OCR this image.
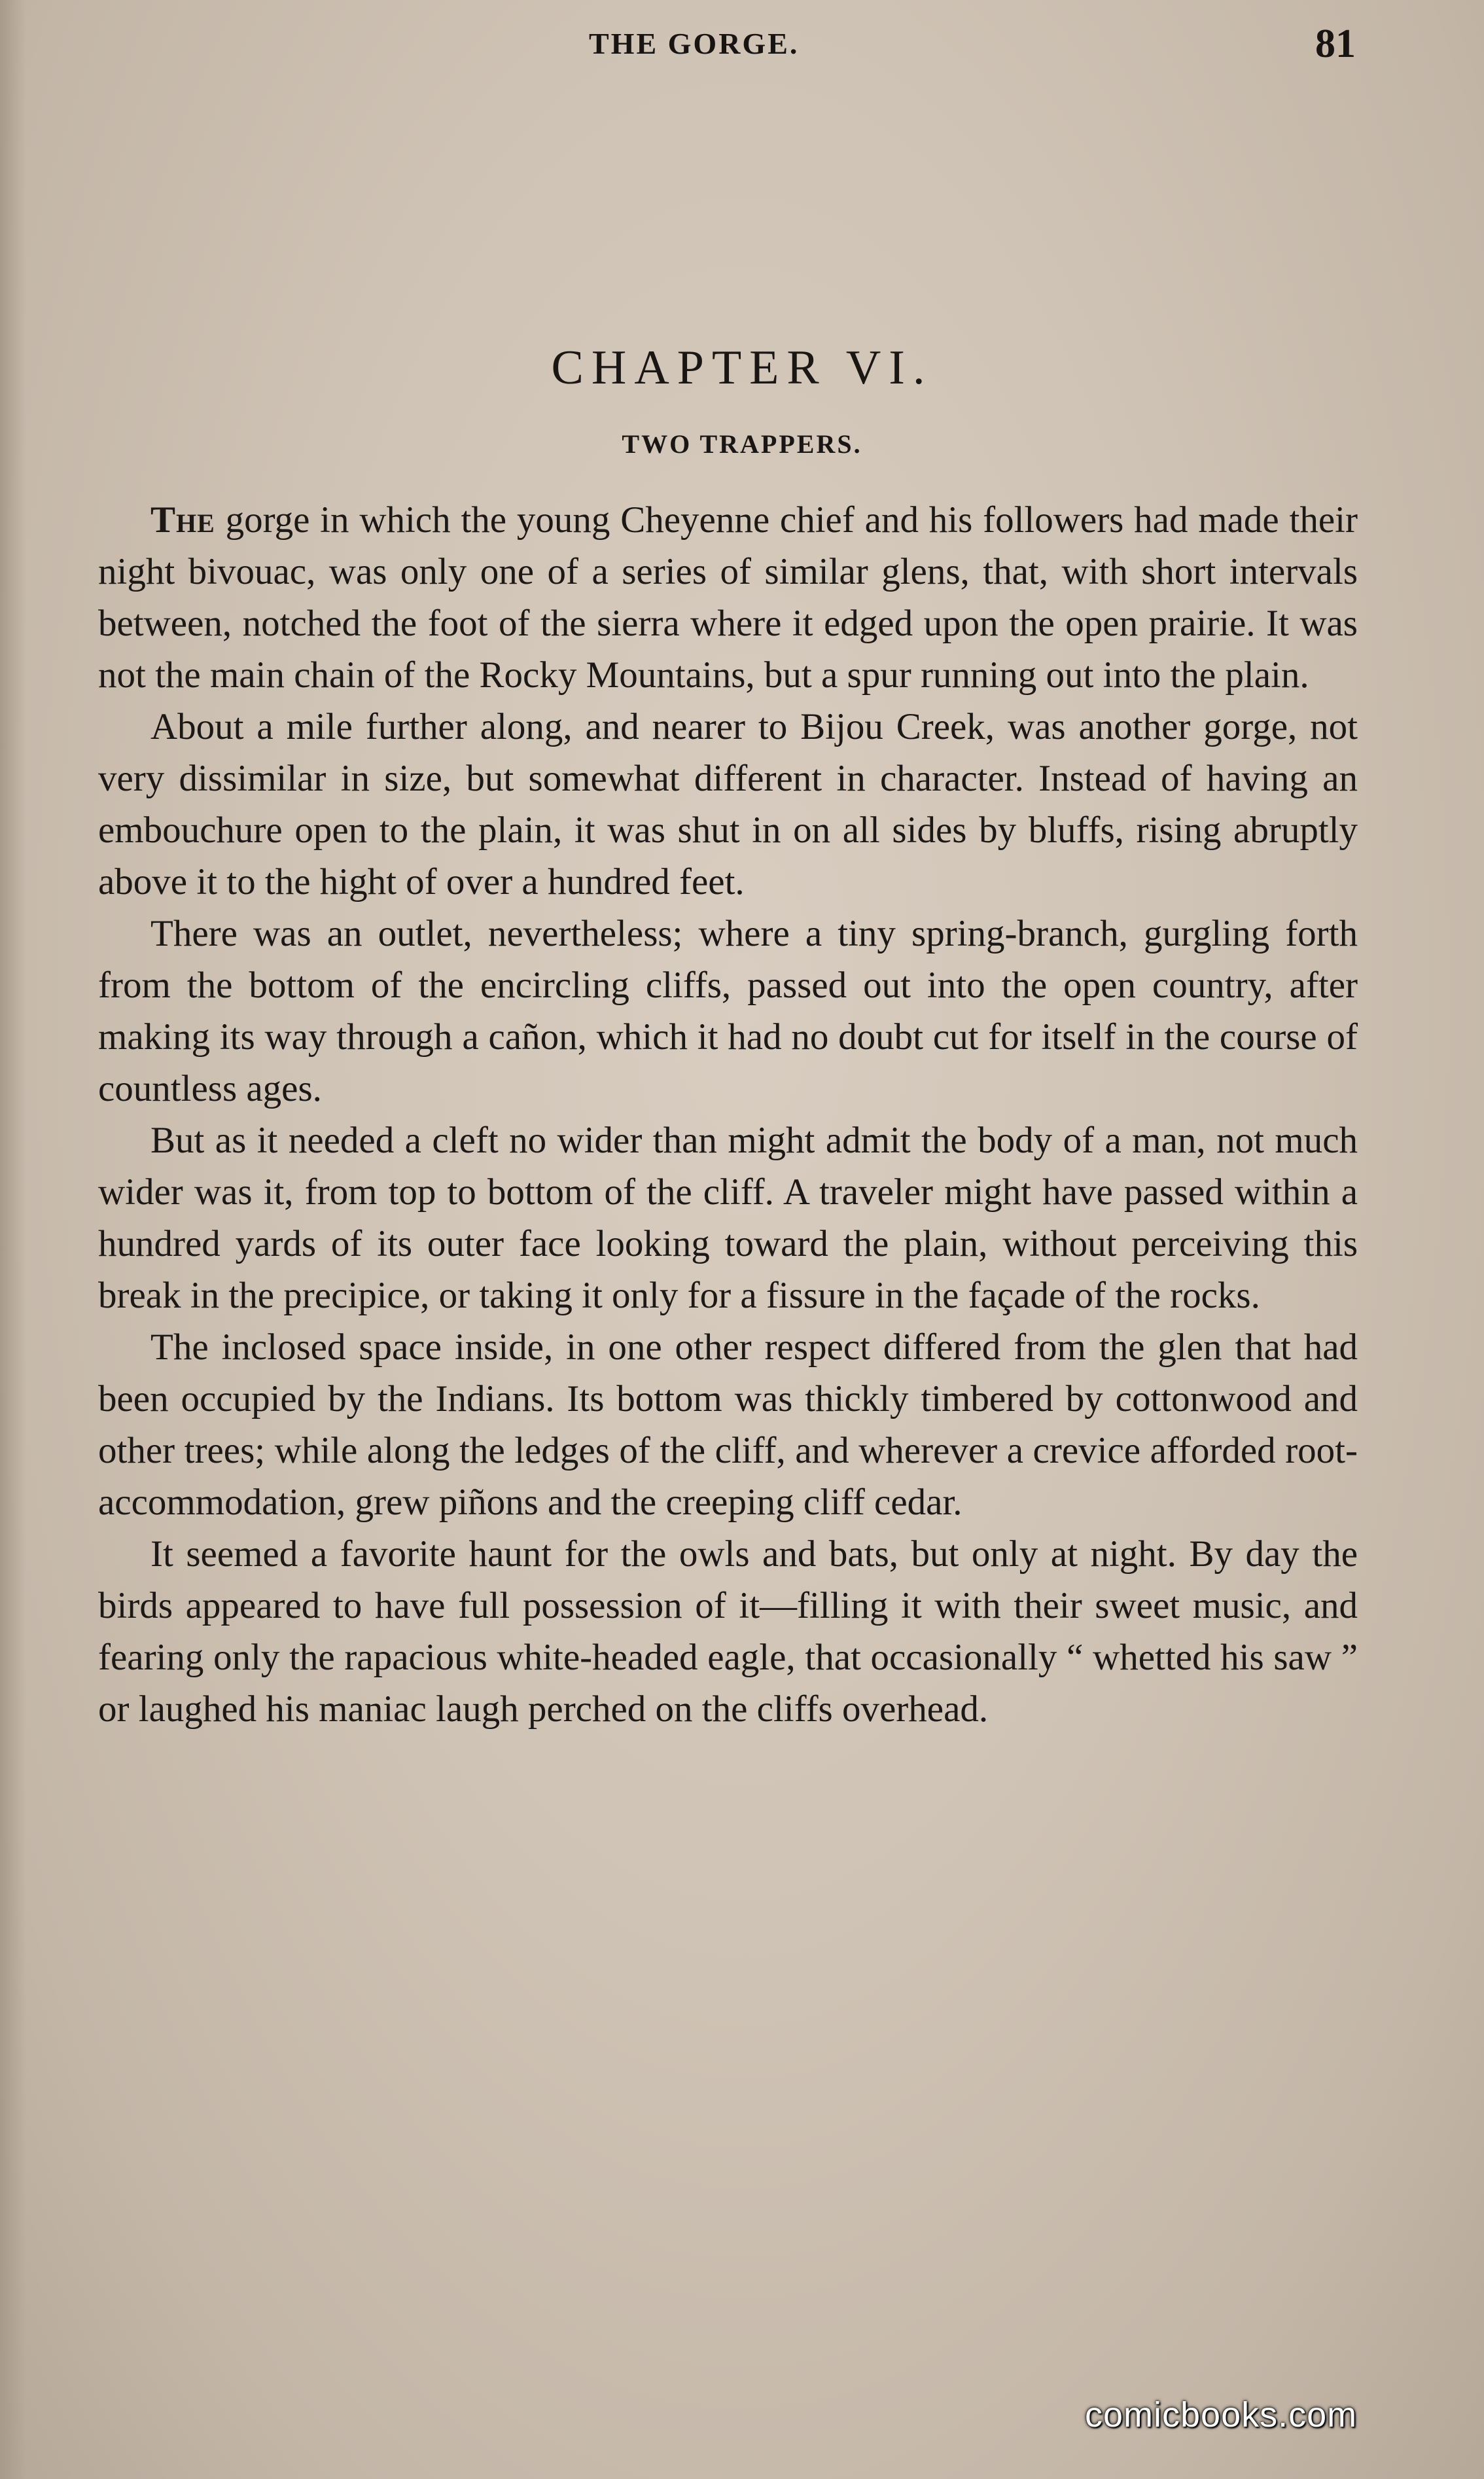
THE GORGE.	81
CHAPTER VI.
TWO TRAPPERS.

The gorge in which the young Cheyenne chief and his followers had made their night bivouac, was only one of a series of similar glens, that, with short intervals between, notched the foot of the sierra where it edged upon the open prairie. It was not the main chain of the Rocky Mountains, but a spur running out into the plain.

About a mile further along, and nearer to Bijou Creek, was another gorge, not very dissimilar in size, but somewhat different in character. Instead of having an embouchure open to the plain, it was shut in on all sides by bluffs, rising abruptly above it to the hight of over a hundred feet.

There was an outlet, nevertheless; where a tiny spring-branch, gurgling forth from the bottom of the encircling cliffs, passed out into the open country, after making its way through a cañon, which it had no doubt cut for itself in the course of countless ages.

But as it needed a cleft no wider than might admit the body of a man, not much wider was it, from top to bottom of the cliff. A traveler might have passed within a hundred yards of its outer face looking toward the plain, without perceiving this break in the precipice, or taking it only for a fissure in the façade of the rocks.

The inclosed space inside, in one other respect differed from the glen that had been occupied by the Indians. Its bottom was thickly timbered by cottonwood and other trees; while along the ledges of the cliff, and wherever a crevice afforded root-accommodation, grew piñons and the creeping cliff cedar.

It seemed a favorite haunt for the owls and bats, but only at night. By day the birds appeared to have full possession of it—filling it with their sweet music, and fearing only the rapacious white-headed eagle, that occasionally “ whetted his saw ” or laughed his maniac laugh perched on the cliffs overhead.

comicbooks.com
